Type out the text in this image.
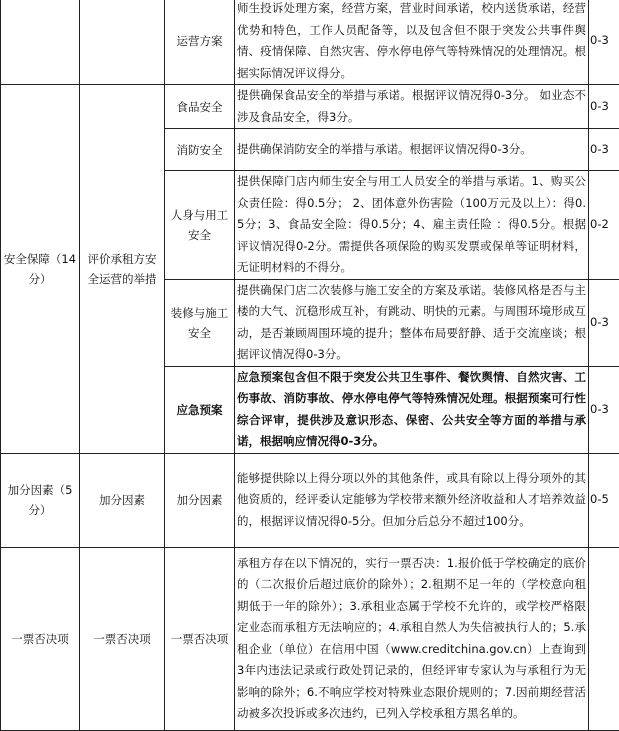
		运营方案	师生投诉处理方案，经营方案，营业时间承诺，校内送货承诺，经营优势和特色，工作人员配备等，以及包含但不限于突发公共事件舆情、疫情保障、自然灾害、停水停电停气等特殊情况的处理情况。根据实际情况评议得分。	0-3
安全保障（14分）	评价承租方安全运营的举措	食品安全	提供确保食品安全的举措与承诺。根据评议情况得0-3分。 如业态不涉及食品安全，得3分。	0-3
		消防安全	提供确保消防安全的举措与承诺。根据评议情况得0-3分。	0-3
		人身与用工安全	提供保障门店内师生安全与用工人员安全的举措与承诺。1、购买公众责任险：得0.5分； 2、团体意外伤害险（100万元及以上）：得0.5分；3、食品安全险：得0.5分；4、雇主责任险 ：得0.5分。根据评议情况得0-2分。需提供各项保险的购买发票或保单等证明材料，无证明材料的不得分。	0-2
		装修与施工安全	提供确保门店二次装修与施工安全的方案及承诺。装修风格是否与主楼的大气、沉稳形成互补，有跳动、明快的元素。与周围环境形成互动，是否兼顾周围环境的提升；整体布局要舒静、适于交流座谈；根据评议情况得0-3分。	0-3
		应急预案	应急预案包含但不限于突发公共卫生事件、餐饮舆情、自然灾害、工伤事故、消防事故、停水停电停气等特殊情况处理。根据预案可行性综合评审，提供涉及意识形态、保密、公共安全等方面的举措与承诺，根据响应情况得0-3分。	0-3
加分因素（5分）	加分因素	加分因素	能够提供除以上得分项以外的其他条件，或具有除以上得分项外的其他资质的，经评委认定能够为学校带来额外经济收益和人才培养效益的，根据评议情况得0-5分。但加分后总分不超过100分。	0-5
一票否决项	一票否决项	一票否决项	承租方存在以下情况的，实行一票否决：1.报价低于学校确定的底价的（二次报价后超过底价的除外）；2.租期不足一年的（学校意向租期低于一年的除外）；3.承租业态属于学校不允许的，或学校严格限定业态而承租方无法响应的；4.承租自然人为失信被执行人的；5.承租企业（单位）在信用中国（www.creditchina.gov.cn）上查询到3年内违法记录或行政处罚记录的，但经评审专家认为与承租行为无影响的除外；6.不响应学校对特殊业态限价规则的；7.因前期经营活动被多次投诉或多次违约，已列入学校承租方黑名单的。	
